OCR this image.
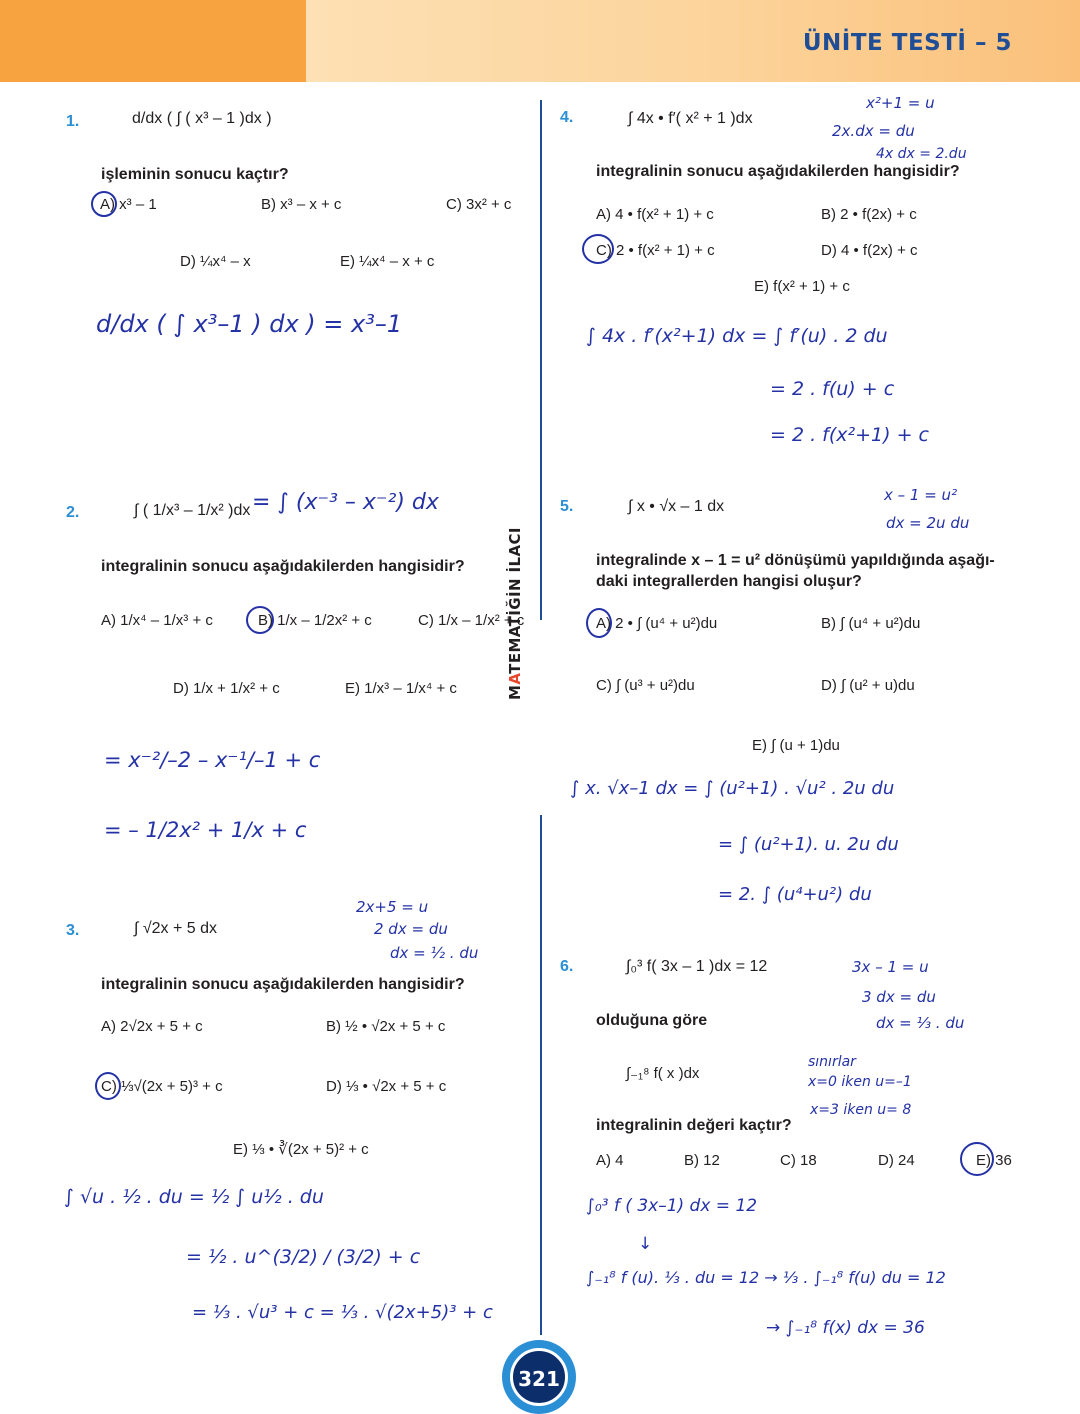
ÜNİTE TESTİ – 5
MATEMATİĞİN İLACI
1.	d/dx ( ∫ ( x³ – 1 )dx )
işleminin sonucu kaçtır?
A) x³ – 1	B) x³ – x + c	C) 3x² + c
D) ¼x⁴ – x	E) ¼x⁴ – x + c
d/dx ( ∫ x³–1 ) dx ) = x³–1
2.	∫ ( 1/x³ – 1/x² )dx = ∫ (x⁻³ – x⁻²) dx
integralinin sonucu aşağıdakilerden hangisidir?
A) 1/x⁴ – 1/x³ + c	B) 1/x – 1/2x² + c	C) 1/x – 1/x² + c
D) 1/x + 1/x² + c	E) 1/x³ – 1/x⁴ + c
= x⁻²/–2 – x⁻¹/–1 + c
= – 1/2x² + 1/x + c
3.	∫ √2x + 5 dx
2x+5 = u
2 dx = du
dx = ½ . du
integralinin sonucu aşağıdakilerden hangisidir?
A) 2√2x + 5 + c	B) ½ • √2x + 5 + c
C) ⅓√(2x + 5)³ + c	D) ⅓ • √2x + 5 + c
E) ⅓ • ∛(2x + 5)² + c
∫ √u . ½ . du = ½ ∫ u½ . du
= ½ . u^(3/2) / (3/2) + c
= ⅓ . √u³ + c = ⅓ . √(2x+5)³ + c
4.	∫ 4x • f′( x² + 1 )dx
x²+1 = u
2x.dx = du
4x dx = 2.du
integralinin sonucu aşağıdakilerden hangisidir?
A) 4 • f(x² + 1) + c	B) 2 • f(2x) + c
C) 2 • f(x² + 1) + c	D) 4 • f(2x) + c
E) f(x² + 1) + c
∫ 4x . f′(x²+1) dx = ∫ f′(u) . 2 du
= 2 . f(u) + c
= 2 . f(x²+1) + c
5.	∫ x • √x – 1 dx
x – 1 = u²
dx = 2u du
integralinde x – 1 = u² dönüşümü yapıldığında aşağı-
daki integrallerden hangisi oluşur?
A) 2 • ∫ (u⁴ + u²)du	B) ∫ (u⁴ + u²)du
C) ∫ (u³ + u²)du	D) ∫ (u² + u)du
E) ∫ (u + 1)du
∫ x. √x–1 dx = ∫ (u²+1) . √u² . 2u du
= ∫ (u²+1). u. 2u du
= 2. ∫ (u⁴+u²) du
6.	∫₀³ f( 3x – 1 )dx = 12	3x – 1 = u
3 dx = du
dx = ⅓ . du
olduğuna göre
∫₋₁⁸ f( x )dx
sınırlar
x=0 iken u=–1
x=3 iken u= 8
integralinin değeri kaçtır?
A) 4	B) 12	C) 18	D) 24	E) 36
∫₀³ f ( 3x–1) dx = 12
↓
∫₋₁⁸ f (u). ⅓ . du = 12 → ⅓ . ∫₋₁⁸ f(u) du = 12
→ ∫₋₁⁸ f(x) dx = 36
321
